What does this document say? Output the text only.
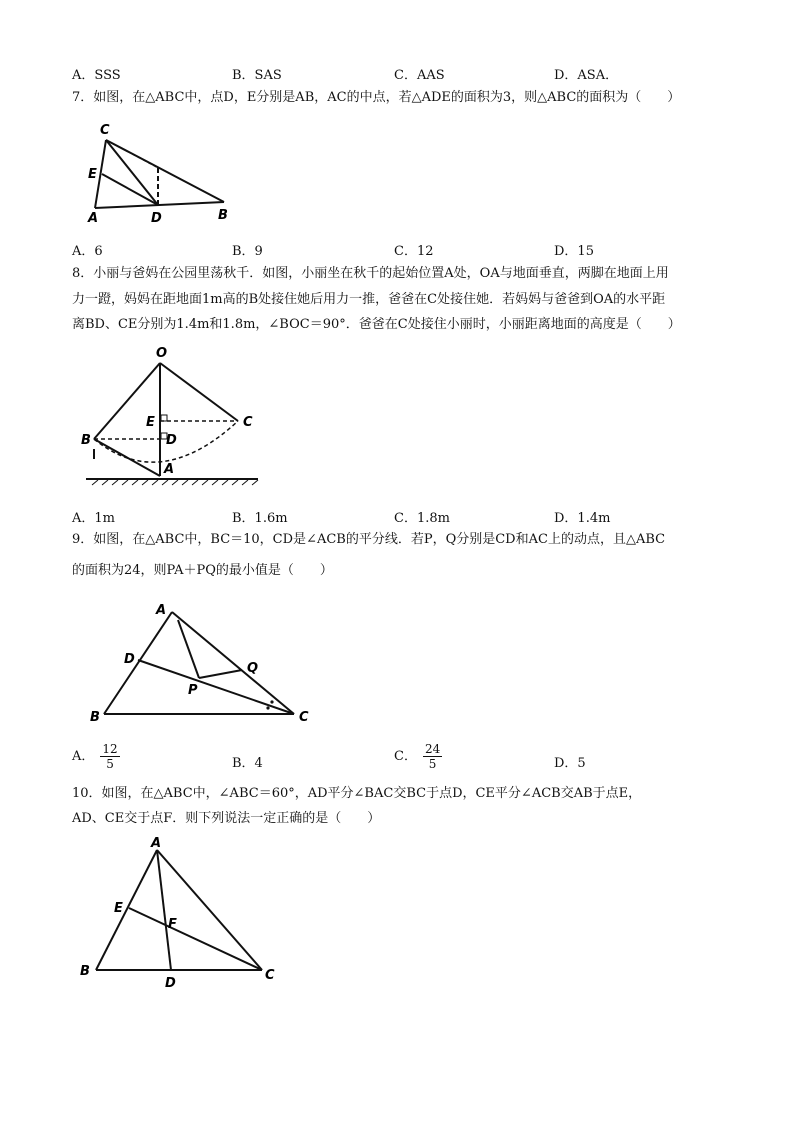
A．SSS	B．SAS	C．AAS	D．ASA．
7．如图，在△ABC中，点D，E分别是AB，AC的中点，若△ADE的面积为3，则△ABC的面积为（　　）
C
E
A	D	B
A．6	B．9	C．12	D．15
8．小丽与爸妈在公园里荡秋千．如图，小丽坐在秋千的起始位置A处，OA与地面垂直，两脚在地面上用
力一蹬，妈妈在距地面1m高的B处接住她后用力一推，爸爸在C处接住她．若妈妈与爸爸到OA的水平距
离BD、CE分别为1.4m和1.8m，∠BOC＝90°．爸爸在C处接住小丽时，小丽距离地面的高度是（　　）
O
E	C
B	D
A
A．1m	B．1.6m	C．1.8m	D．1.4m
9．如图，在△ABC中，BC＝10，CD是∠ACB的平分线．若P，Q分别是CD和AC上的动点，且△ABC
的面积为24，则PA＋PQ的最小值是（　　）
A
D
Q
P
B	C
A． $\frac{12}{5}$	B．4	C． $\frac{24}{5}$	D．5
10．如图，在△ABC中，∠ABC＝60°，AD平分∠BAC交BC于点D，CE平分∠ACB交AB于点E，
AD、CE交于点F．则下列说法一定正确的是（　　）
A
E
F
B
D
C
